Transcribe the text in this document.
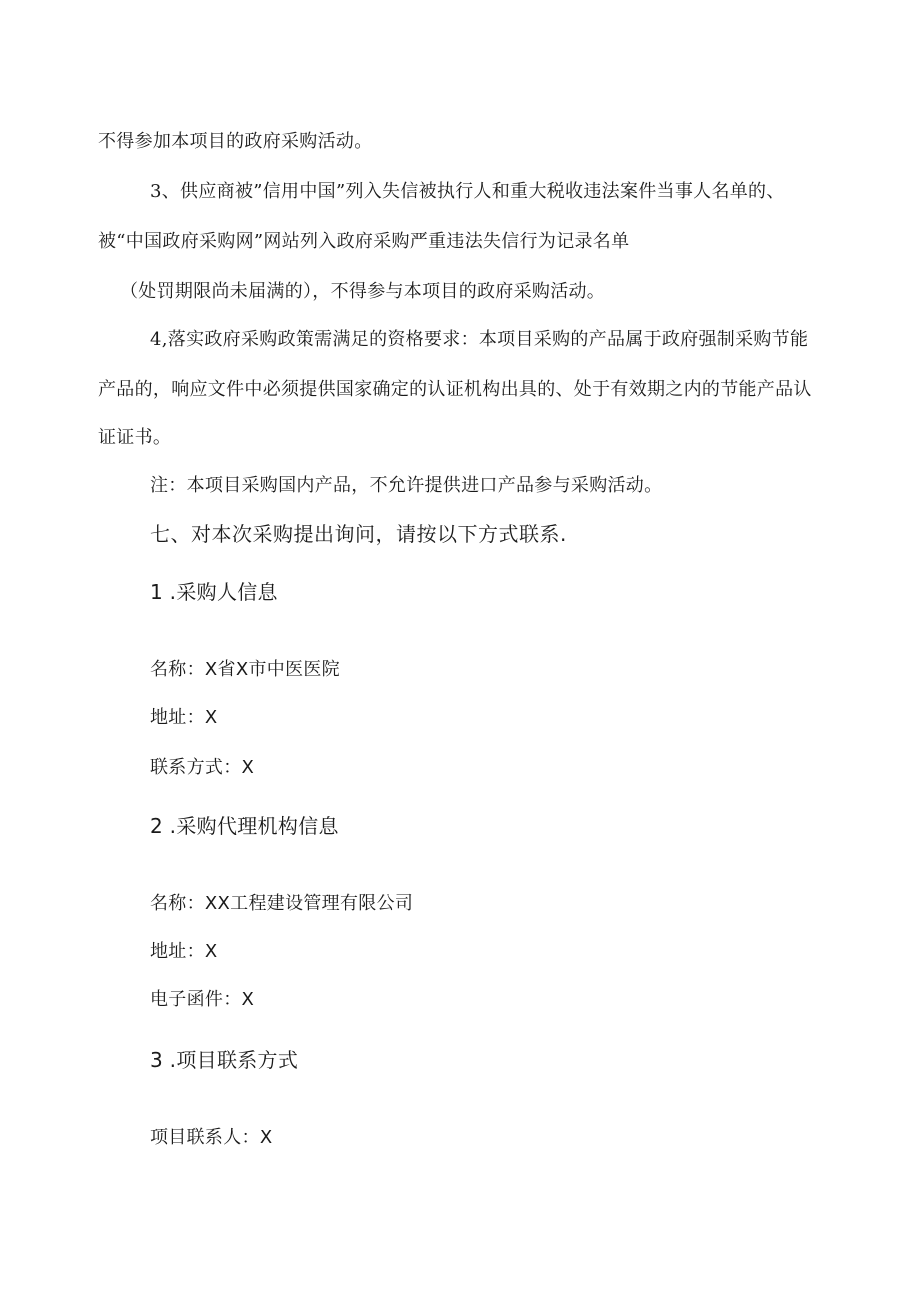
不得参加本项目的政府采购活动。
3、供应商被”信用中国”列入失信被执行人和重大税收违法案件当事人名单的、
被“中国政府采购网”网站列入政府采购严重违法失信行为记录名单
（处罚期限尚未届满的），不得参与本项目的政府采购活动。
4,落实政府采购政策需满足的资格要求：本项目采购的产品属于政府强制采购节能
产品的，响应文件中必须提供国家确定的认证机构出具的、处于有效期之内的节能产品认
证证书。
注：本项目采购国内产品，不允许提供进口产品参与采购活动。
七、对本次采购提出询问，请按以下方式联系.
1 .采购人信息
名称：X省X市中医医院
地址：X
联系方式：X
2 .采购代理机构信息
名称：XX工程建设管理有限公司
地址：X
电子函件：X
3 .项目联系方式
项目联系人：X
